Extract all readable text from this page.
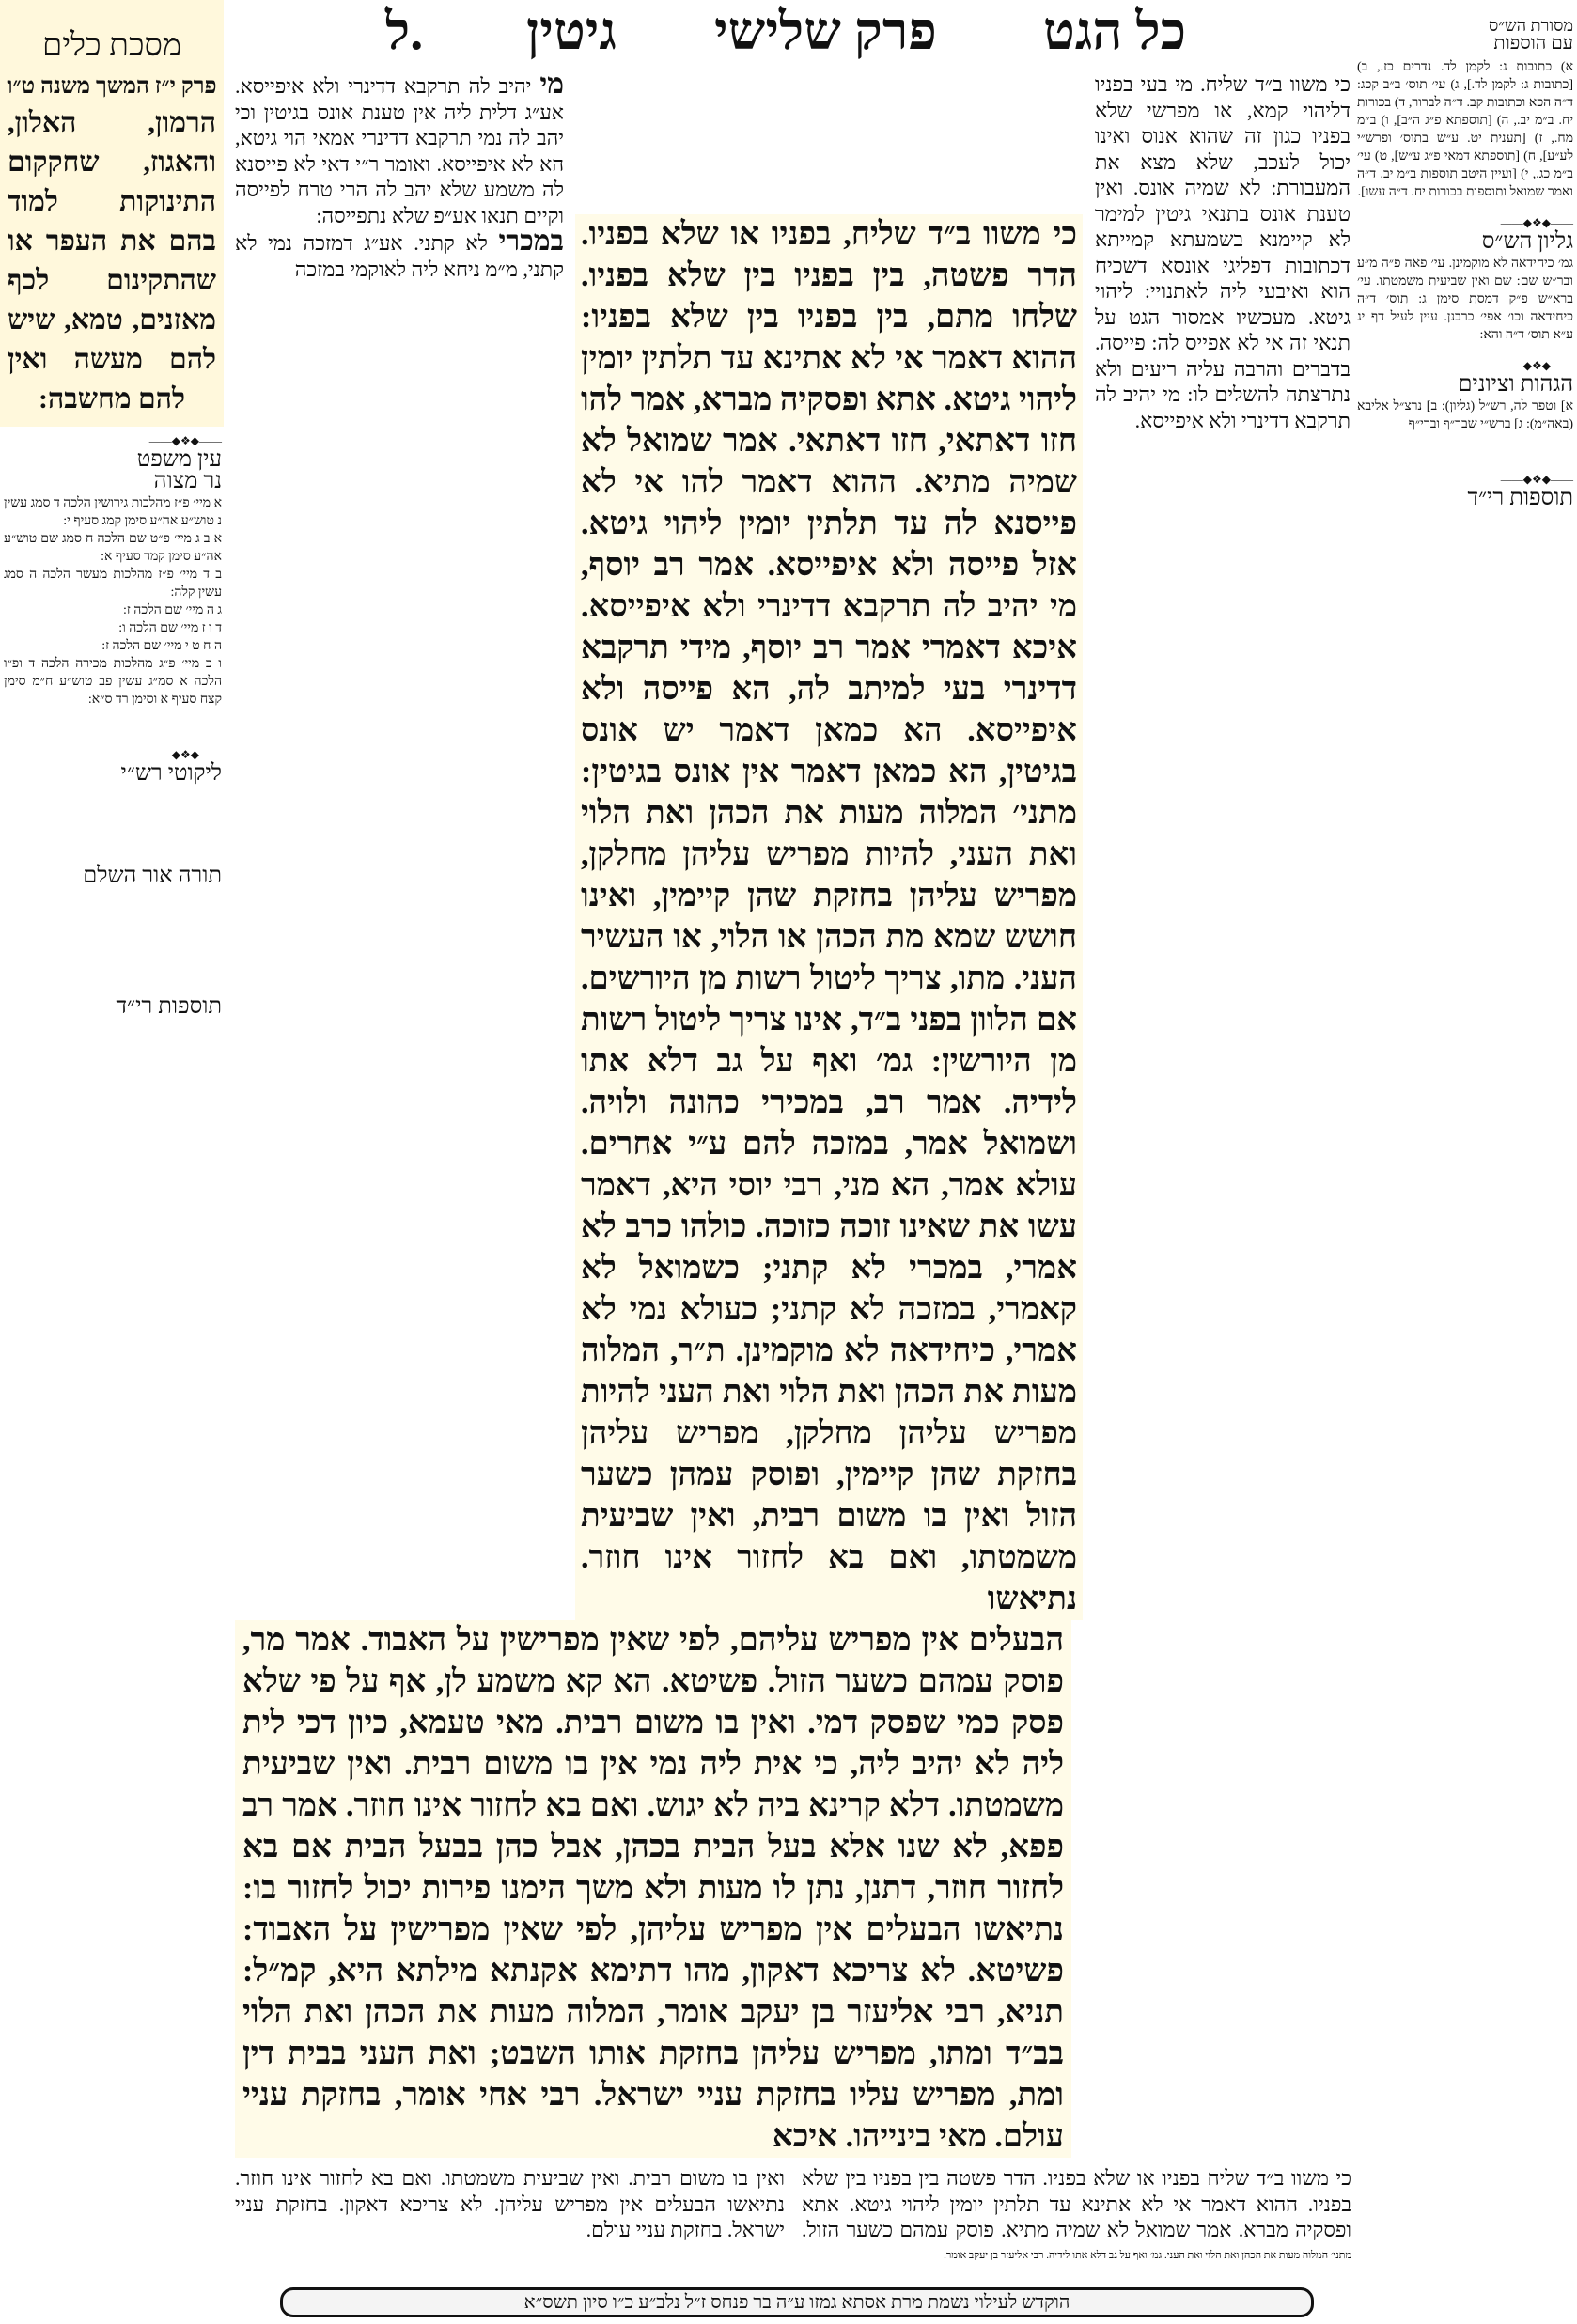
כל הגט
פרק שלישי
גיטין
ל.
מסכת כלים
פרק י״ז המשך משנה ט״ו
הרמון, האלון, והאגוז, שחקקום התינוקות למוד בהם את העפר או שהתקינום לכף מאזנים, טמא, שיש להם מעשה ואין להם מחשבה:
כי משוו ב״ד שליח, בפניו או שלא בפניו. הדר פשטה, בין בפניו בין שלא בפניו. שלחו מתם, בין בפניו בין שלא בפניו: ההוא דאמר אי לא אתינא עד תלתין יומין ליהוי גיטא. אתא ופסקיה מברא, אמר להו חזו דאתאי, חזו דאתאי. אמר שמואל לא שמיה מתיא. ההוא דאמר להו אי לא פייסנא לה עד תלתין יומין ליהוי גיטא. אזל פייסה ולא איפייסא. אמר רב יוסף, מי יהיב לה תרקבא דדינרי ולא איפייסא. איכא דאמרי אמר רב יוסף, מידי תרקבא דדינרי בעי למיתב לה, הא פייסה ולא איפייסא. הא כמאן דאמר יש אונס בגיטין, הא כמאן דאמר אין אונס בגיטין: מתני׳ המלוה מעות את הכהן ואת הלוי ואת העני, להיות מפריש עליהן מחלקן, מפריש עליהן בחזקת שהן קיימין, ואינו חושש שמא מת הכהן או הלוי, או העשיר העני. מתו, צריך ליטול רשות מן היורשים. אם הלוון בפני ב״ד, אינו צריך ליטול רשות מן היורשין: גמ׳ ואף על גב דלא אתו לידיה. אמר רב, במכירי כהונה ולויה. ושמואל אמר, במזכה להם ע״י אחרים. עולא אמר, הא מני, רבי יוסי היא, דאמר עשו את שאינו זוכה כזוכה. כולהו כרב לא אמרי, במכרי לא קתני; כשמואל לא קאמרי, במזכה לא קתני; כעולא נמי לא אמרי, כיחידאה לא מוקמינן. ת״ר, המלוה מעות את הכהן ואת הלוי ואת העני להיות מפריש עליהן מחלקן, מפריש עליהן בחזקת שהן קיימין, ופוסק עמהן כשער הזול ואין בו משום רבית, ואין שביעית משמטתו, ואם בא לחזור אינו חוזר. נתיאשו
הבעלים אין מפריש עליהם, לפי שאין מפרישין על האבוד. אמר מר, פוסק עמהם כשער הזול. פשיטא. הא קא משמע לן, אף על פי שלא פסק כמי שפסק דמי. ואין בו משום רבית. מאי טעמא, כיון דכי לית ליה לא יהיב ליה, כי אית ליה נמי אין בו משום רבית. ואין שביעית משמטתו. דלא קרינא ביה לא יגוש. ואם בא לחזור אינו חוזר. אמר רב פפא, לא שנו אלא בעל הבית בכהן, אבל כהן בבעל הבית אם בא לחזור חוזר, דתנן, נתן לו מעות ולא משך הימנו פירות יכול לחזור בו: נתיאשו הבעלים אין מפריש עליהן, לפי שאין מפרישין על האבוד: פשיטא. לא צריכא דאקון, מהו דתימא אקנתא מילתא היא, קמ״ל: תניא, רבי אליעזר בן יעקב אומר, המלוה מעות את הכהן ואת הלוי בב״ד ומתו, מפריש עליהן בחזקת אותו השבט; ואת העני בבית דין ומת, מפריש עליו בחזקת עניי ישראל. רבי אחי אומר, בחזקת עניי עולם. מאי בינייהו. איכא
כי משוו ב״ד שליח. מי בעי בפניו דליהוי קמא, או מפרשי שלא בפניו כגון זה שהוא אנוס ואינו יכול לעכב, שלא מצא את המעבורת: לא שמיה אונס. ואין טענת אונס בתנאי גיטין למימר לא קיימנא בשמעתא קמייתא דכתובות דפליגי אונסא דשכיח הוא ואיבעי ליה לאתנויי: ליהוי גיטא. מעכשיו אמסור הגט על תנאי זה אי לא אפייס לה: פייסה. בדברים והרבה עליה ריעים ולא נתרצתה להשלים לו: מי יהיב לה תרקבא דדינרי ולא איפייסא.
מי יהיב לה תרקבא דדינרי ולא איפייסא. אע״ג דלית ליה אין טענת אונס בגיטין וכי יהב לה נמי תרקבא דדינרי אמאי הוי גיטא, הא לא איפייסא. ואומר ר״י דאי לא פייסנא לה משמע שלא יהב לה הרי טרח לפייסה וקיים תנאו אע״פ שלא נתפייסה:
במכרי לא קתני. אע״ג דמזכה נמי לא קתני, מ״מ ניחא ליה לאוקמי במזכה
כי משוו ב״ד שליח בפניו או שלא בפניו. הדר פשטה בין בפניו בין שלא בפניו. ההוא דאמר אי לא אתינא עד תלתין יומין ליהוי גיטא. אתא ופסקיה מברא. אמר שמואל לא שמיה מתיא. פוסק עמהם כשער הזול. ואין בו משום רבית. ואין שביעית משמטתו. ואם בא לחזור אינו חוזר. נתיאשו הבעלים אין מפריש עליהן. לא צריכא דאקון. בחזקת עניי ישראל. בחזקת עניי עולם.
מתני׳ המלוה מעות את הכהן ואת הלוי ואת העני. גמ׳ ואף על גב דלא אתו לידיה. רבי אליעזר בן יעקב אומר.
——◆❖◆——
עין משפט
נר מצוה
א מיי׳ פ״ז מהלכות גירושין הלכה ד סמג עשין נ טוש״ע אה״ע סימן קמג סעיף י:
א ב ג מיי׳ פ״ט שם הלכה ח סמג שם טוש״ע אה״ע סימן קמד סעיף א:
ב ד מיי׳ פ״ז מהלכות מעשר הלכה ה סמג עשין קלה:
ג ה מיי׳ שם הלכה ז:
ד ו ז מיי׳ שם הלכה ו:
ה ח ט י מיי׳ שם הלכה ז:
ו כ מיי׳ פ״ג מהלכות מכירה הלכה ד ופ״ו הלכה א סמ״ג עשין פב טוש״ע ח״מ סימן קצח סעיף א וסימן רד ס״א:
——◆❖◆——
ליקוטי רש״י
תורה אור השלם
תוספות רי״ד
מסורת הש״ס
עם הוספות
א) כתובות ג: לקמן לד. נדרים כז., ב) [כתובות ג: לקמן לד.], ג) עי׳ תוס׳ ב״ב קכג: ד״ה הכא וכתובות קב. ד״ה לברור, ד) בכורות יח. ב״מ יב., ה) [תוספתא פ״ג ה״ב], ו) ב״מ מח., ז) [תענית יט. ע״ש בתוס׳ ופרש״י לע״ע], ח) [תוספתא דמאי פ״ג ע״ש], ט) עי׳ ב״מ כג., י) [ועיין היטב תוספות ב״מ יב. ד״ה ואמר שמואל ותוספות בכורות יח. ד״ה עשו].
——◆❖◆——
גליון הש״ס
גמ׳ כיחידאה לא מוקמינן. עי׳ פאה פ״ה מ״ע ובר״ש שם: שם ואין שביעית משמטתו. עי׳ ברא״ש פ״ק דמסת סימן ג: תוס׳ ד״ה כיחידאה וכו׳ אפי׳ כרבנן. עיין לעיל דף יג ע״א תוס׳ ד״ה והא:
——◆❖◆——
הגהות וציונים
א] וטפר לה, רש״ל (גליון): ב] נרצ״ל אליבא (באה״מ): ג] ברש״י שבר״ף וברי״ף
——◆❖◆——
תוספות רי״ד
הוקדש לעילוי נשמת מרת אסתא גמזו ע״ה בר פנחס ז״ל נלב״ע כ״ו סיון תשס״א
